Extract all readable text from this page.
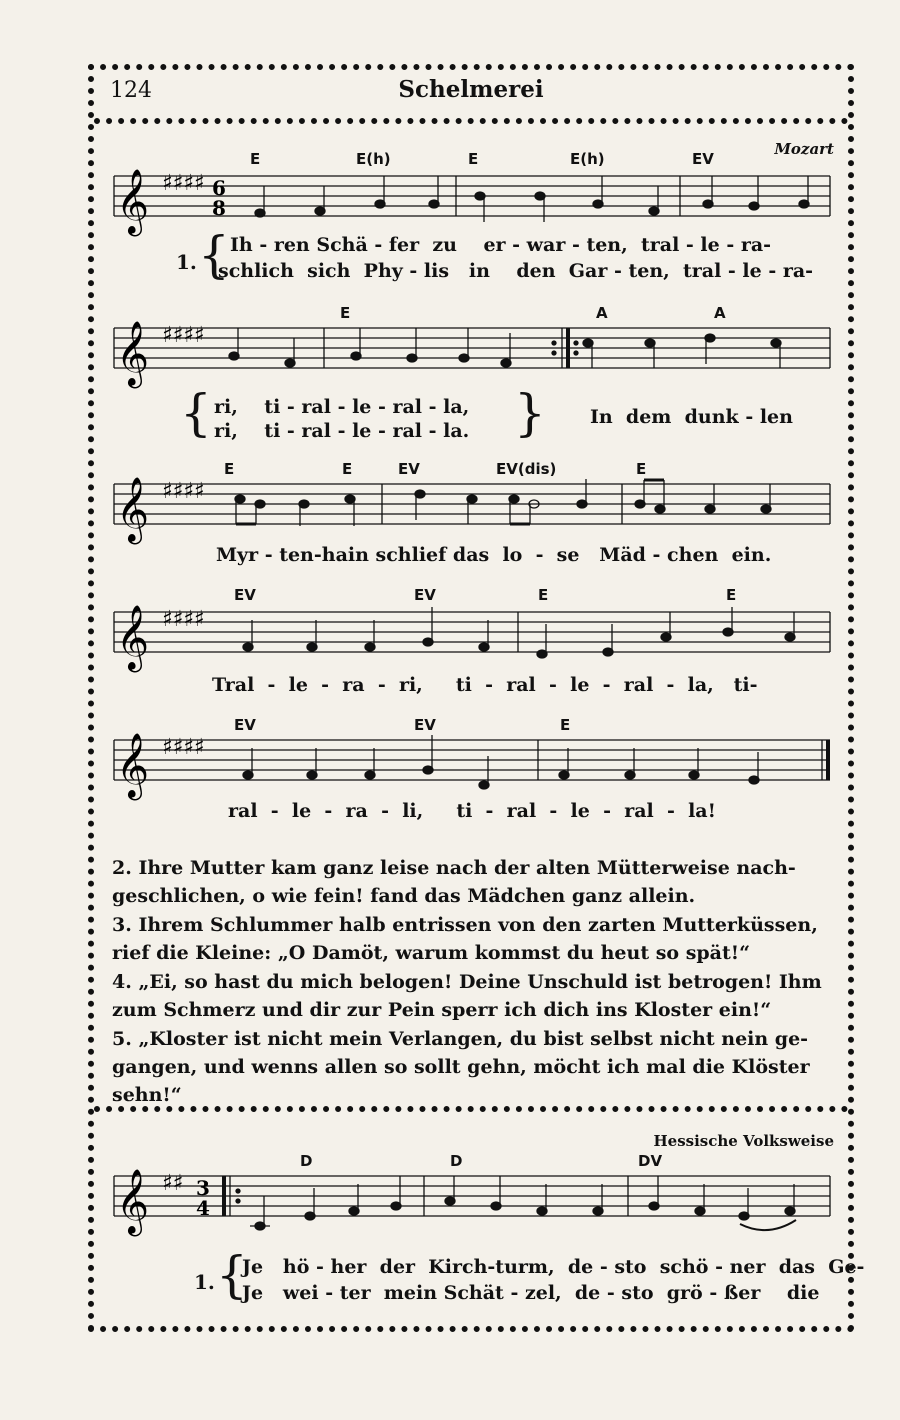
124	Schelmerei
Mozart
E	E(h)	E	E(h)	EV
𝄞 ♯♯♯♯ 6
8
1. { Ih - ren Schä - fer  zu    er - war - ten,  tral - le - ra-
schlich  sich  Phy - lis   in    den  Gar - ten,  tral - le - ra-
E	A	A
𝄞 ♯♯♯♯
{ ri,    ti - ral - le - ral - la,
ri,    ti - ral - le - ral - la. { In  dem  dunk - len
E	E	EV	EV(dis)	E
𝄞 ♯♯♯♯
Myr - ten-hain schlief das  lo  -  se   Mäd - chen  ein.
EV	EV	E	E
𝄞 ♯♯♯♯
Tral  -  le  -  ra  -  ri,     ti  -  ral  -  le  -  ral  -  la,   ti-
EV	EV	E
𝄞 ♯♯♯♯
ral  -  le  -  ra  -  li,     ti  -  ral  -  le  -  ral  -  la!

2. Ihre Mutter kam ganz leise nach der alten Mütterweise nach-geschlichen, o wie fein! fand das Mädchen ganz allein.

3. Ihrem Schlummer halb entrissen von den zarten Mutterküssen, rief die Kleine: „O Damöt, warum kommst du heut so spät!“

4. „Ei, so hast du mich belogen! Deine Unschuld ist betrogen! Ihm zum Schmerz und dir zur Pein sperr ich dich ins Kloster ein!“

5. „Kloster ist nicht mein Verlangen, du bist selbst nicht nein ge-gangen, und wenns allen so sollt gehn, möcht ich mal die Klöster sehn!“

Hessische Volksweise
D	D	DV
𝄞 ♯♯ 3
4
1. {
Je   hö - her  der  Kirch-turm,  de - sto  schö - ner  das  Ge-
Je   wei - ter  mein Schät - zel,  de - sto  grö - ßer    die
